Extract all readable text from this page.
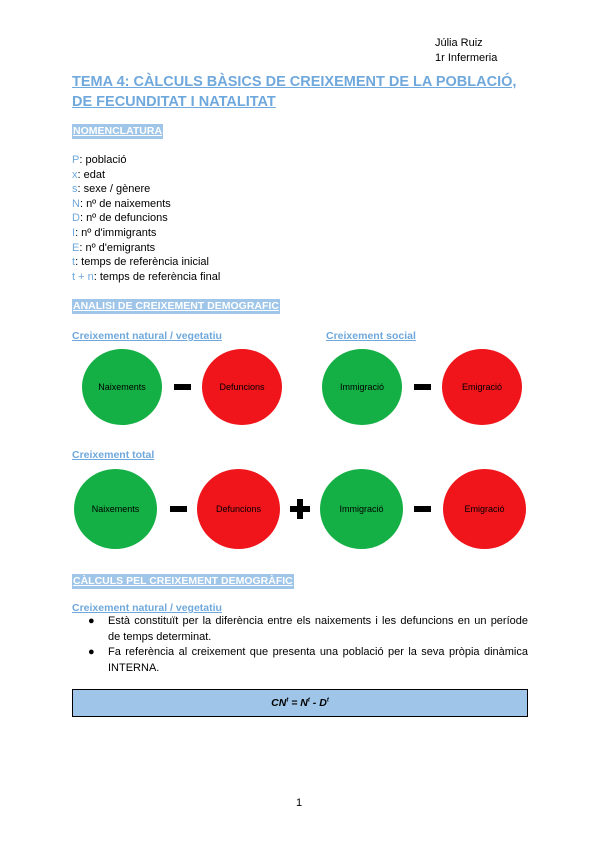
Júlia Ruiz
1r Infermeria
TEMA 4: CÀLCULS BÀSICS DE CREIXEMENT DE LA POBLACIÓ,
DE FECUNDITAT I NATALITAT
NOMENCLATURA
P: població
x: edat
s: sexe / gènere
N: nº de naixements
D: nº de defuncions
I: nº d'immigrants
E: nº d'emigrants
t: temps de referència inicial
t + n: temps de referència final
ANALISI DE CREIXEMENT DEMOGRAFIC
Creixement natural / vegetatiu	Creixement social
Naixements	Defuncions	Immigració	Emigració
Creixement total
Naixements	Defuncions	Immigració	Emigració
CÀLCULS PEL CREIXEMENT DEMOGRÀFIC
Creixement natural / vegetatiu
● Està constituït per la diferència entre els naixements i les defuncions en un període de temps determinat.
● Fa referència al creixement que presenta una població per la seva pròpia dinàmica INTERNA.
$CN^t = N^t - D^t$
1
